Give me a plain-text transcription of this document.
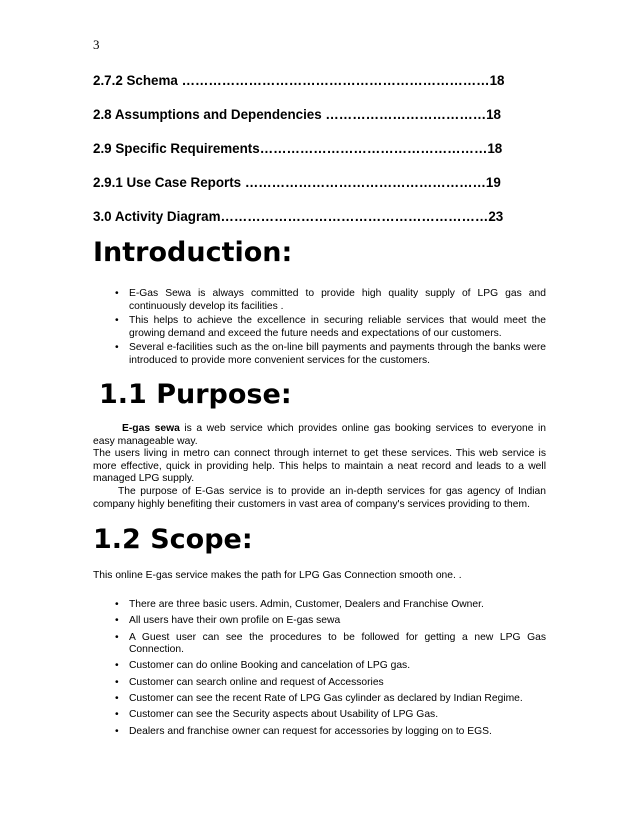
3
2.7.2 Schema ……………………………………………………………18
2.8 Assumptions and Dependencies ………………………………18
2.9 Specific Requirements……………………………………………18
2.9.1 Use Case Reports ………………………………………………19
3.0 Activity Diagram……………………………………………………23
Introduction:
• E-Gas Sewa is always committed to provide high quality supply of LPG gas and continuously develop its facilities .
• This helps to achieve the excellence in securing reliable services that would meet the growing demand and exceed the future needs and expectations of our customers.
• Several e-facilities such as the on-line bill payments and payments through the banks were introduced to provide more convenient services for the customers.
1.1 Purpose:

E-gas sewa is a web service which provides online gas booking services to everyone in easy manageable way.

The users living in metro can connect through internet to get these services. This web service is more effective, quick in providing help. This helps to maintain a neat record and leads to a well managed LPG supply.

The purpose of E-Gas service is to provide an in-depth services for gas agency of Indian company highly benefiting their customers in vast area of company's services providing to them.

1.2 Scope:
This online E-gas service makes the path for LPG Gas Connection smooth one. .
• There are three basic users. Admin, Customer, Dealers and Franchise Owner.
• All users have their own profile on E-gas sewa
• A Guest user can see the procedures to be followed for getting a new LPG Gas Connection.
• Customer can do online Booking and cancelation of LPG gas.
• Customer can search online and request of Accessories
• Customer can see the recent Rate of LPG Gas cylinder as declared by Indian Regime.
• Customer can see the Security aspects about Usability of LPG Gas.
• Dealers and franchise owner can request for accessories by logging on to EGS.
